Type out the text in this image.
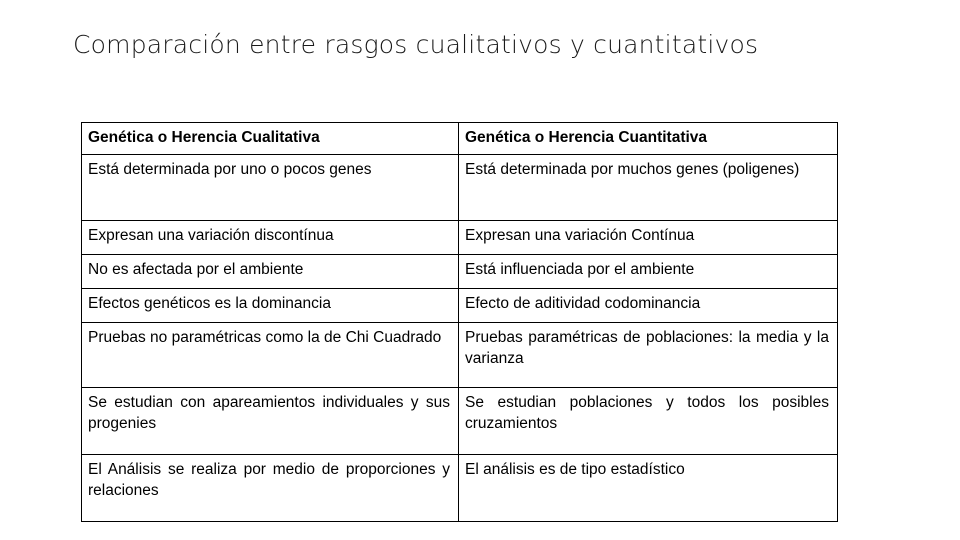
Comparación entre rasgos cualitativos y cuantitativos
Genética o Herencia Cualitativa	Genética o Herencia Cuantitativa
Está determinada por uno o pocos genes	Está determinada por muchos genes (poligenes)
Expresan una variación discontínua	Expresan una variación Contínua
No es afectada por el ambiente	Está influenciada por el ambiente
Efectos genéticos es la dominancia	Efecto de aditividad codominancia
Pruebas no paramétricas como la de Chi Cuadrado	Pruebas paramétricas de poblaciones: la media y la varianza
Se estudian con apareamientos individuales y sus progenies	Se estudian poblaciones y todos los posibles cruzamientos
El Análisis se realiza por medio de proporciones y relaciones	El análisis es de tipo estadístico
